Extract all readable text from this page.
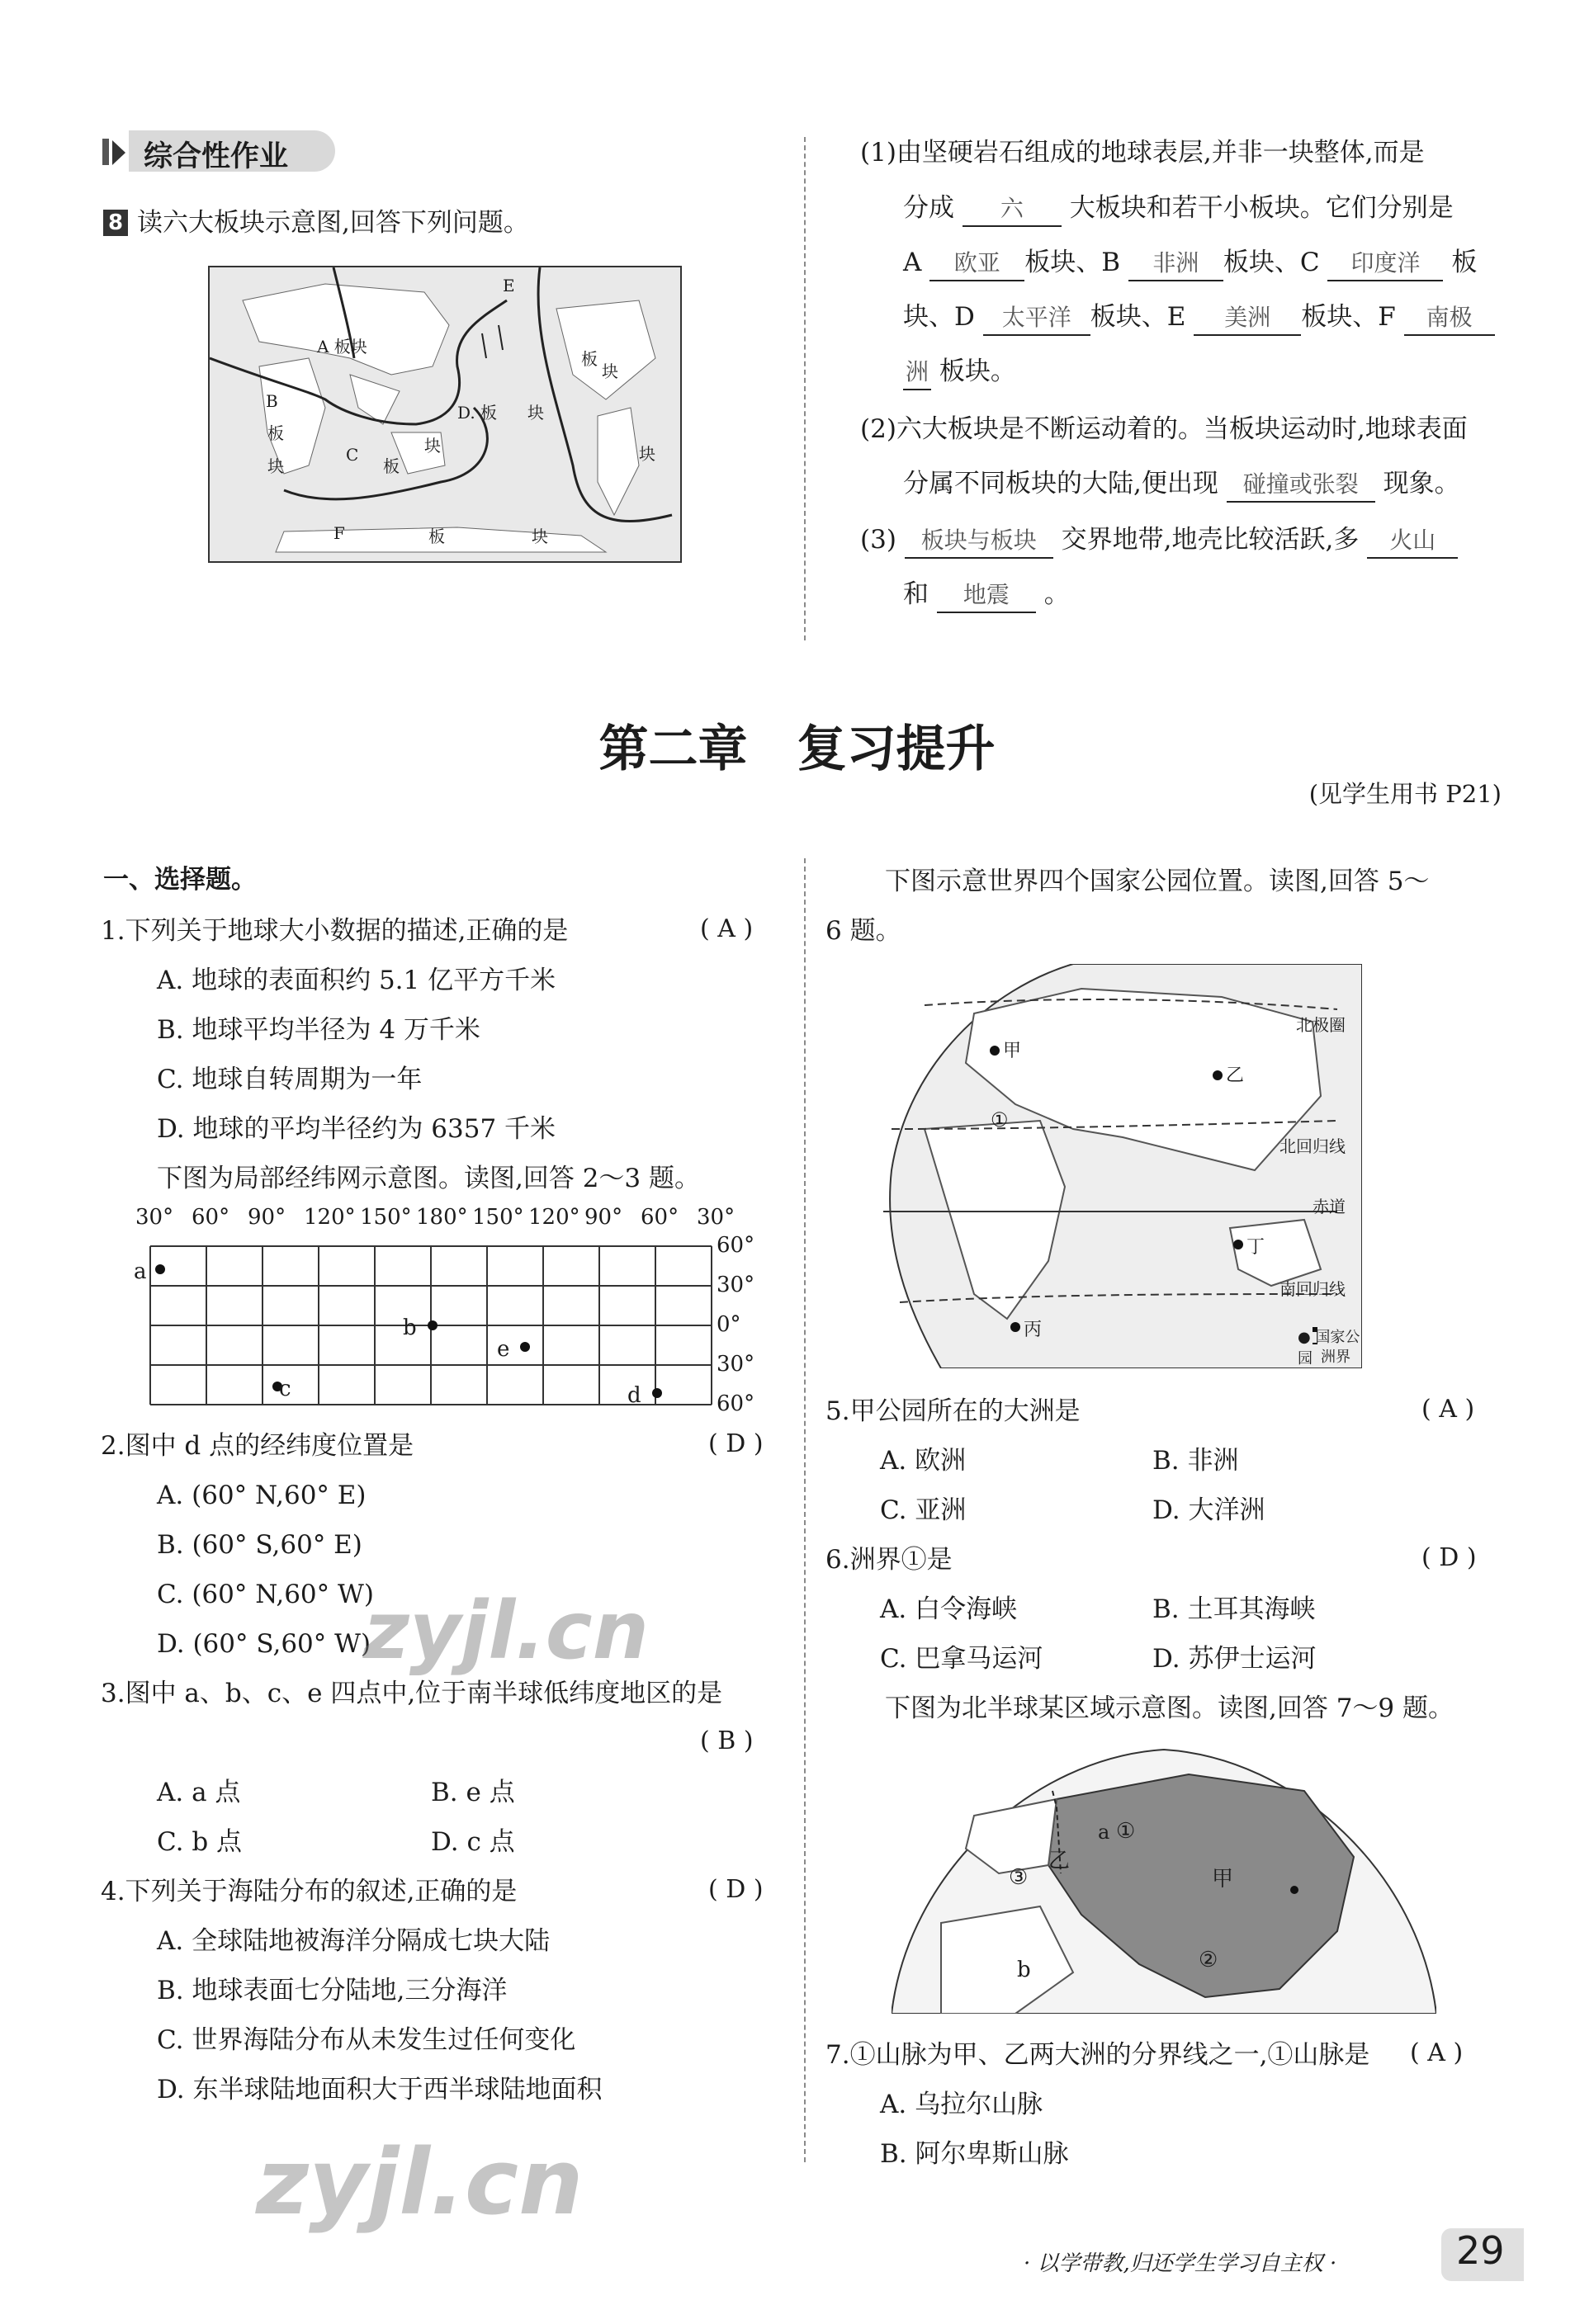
综合性作业
8 读六大板块示意图,回答下列问题。
A 板块
B
板
块
C
板
块
D. 板 块
E
板
块
F	板	块
块
(1)由坚硬岩石组成的地球表层,并非一块整体,而是
分成 六 大板块和若干小板块。它们分别是
A 欧亚 板块、B 非洲 板块、C 印度洋 板
块、D 太平洋 板块、E 美洲 板块、F 南极
洲 板块。
(2)六大板块是不断运动着的。当板块运动时,地球表面
分属不同板块的大陆,便出现 碰撞或张裂 现象。
(3) 板块与板块 交界地带,地壳比较活跃,多 火山
和 地震 。
第二章　复习提升
(见学生用书 P21)
一、选择题。
1.下列关于地球大小数据的描述,正确的是	( A )
A. 地球的表面积约 5.1 亿平方千米
B. 地球平均半径为 4 万千米
C. 地球自转周期为一年
D. 地球的平均半径约为 6357 千米
下图为局部经纬网示意图。读图,回答 2～3 题。
30° 60° 90° 120° 150° 180° 150° 120° 90° 60° 30°
60°
30°
0°
30°
60°
a
b
c	d
e
2.图中 d 点的经纬度位置是	( D )
A. (60° N,60° E)
B. (60° S,60° E)
C. (60° N,60° W)
D. (60° S,60° W)
3.图中 a、b、c、e 四点中,位于南半球低纬度地区的是
( B )
A. a 点	B. e 点
C. b 点	D. c 点
4.下列关于海陆分布的叙述,正确的是	( D )
A. 全球陆地被海洋分隔成七块大陆
B. 地球表面七分陆地,三分海洋
C. 世界海陆分布从未发生过任何变化
D. 东半球陆地面积大于西半球陆地面积
下图示意世界四个国家公园位置。读图,回答 5～
6 题。
北极圈
北回归线
赤道
南回归线
甲
乙
丙
丁
①
● 国家公园 洲界
5.甲公园所在的大洲是	( A )
A. 欧洲	B. 非洲
C. 亚洲	D. 大洋洲
6.洲界①是	( D )
A. 白令海峡	B. 土耳其海峡
C. 巴拿马运河	D. 苏伊士运河
下图为北半球某区域示意图。读图,回答 7～9 题。
a ①
乙
甲
③
b	②
7.①山脉为甲、乙两大洲的分界线之一,①山脉是 ( A )
A. 乌拉尔山脉
B. 阿尔卑斯山脉
zyjl.cn
zyjl.cn
· 以学带教,归还学生学习自主权 ·	29
